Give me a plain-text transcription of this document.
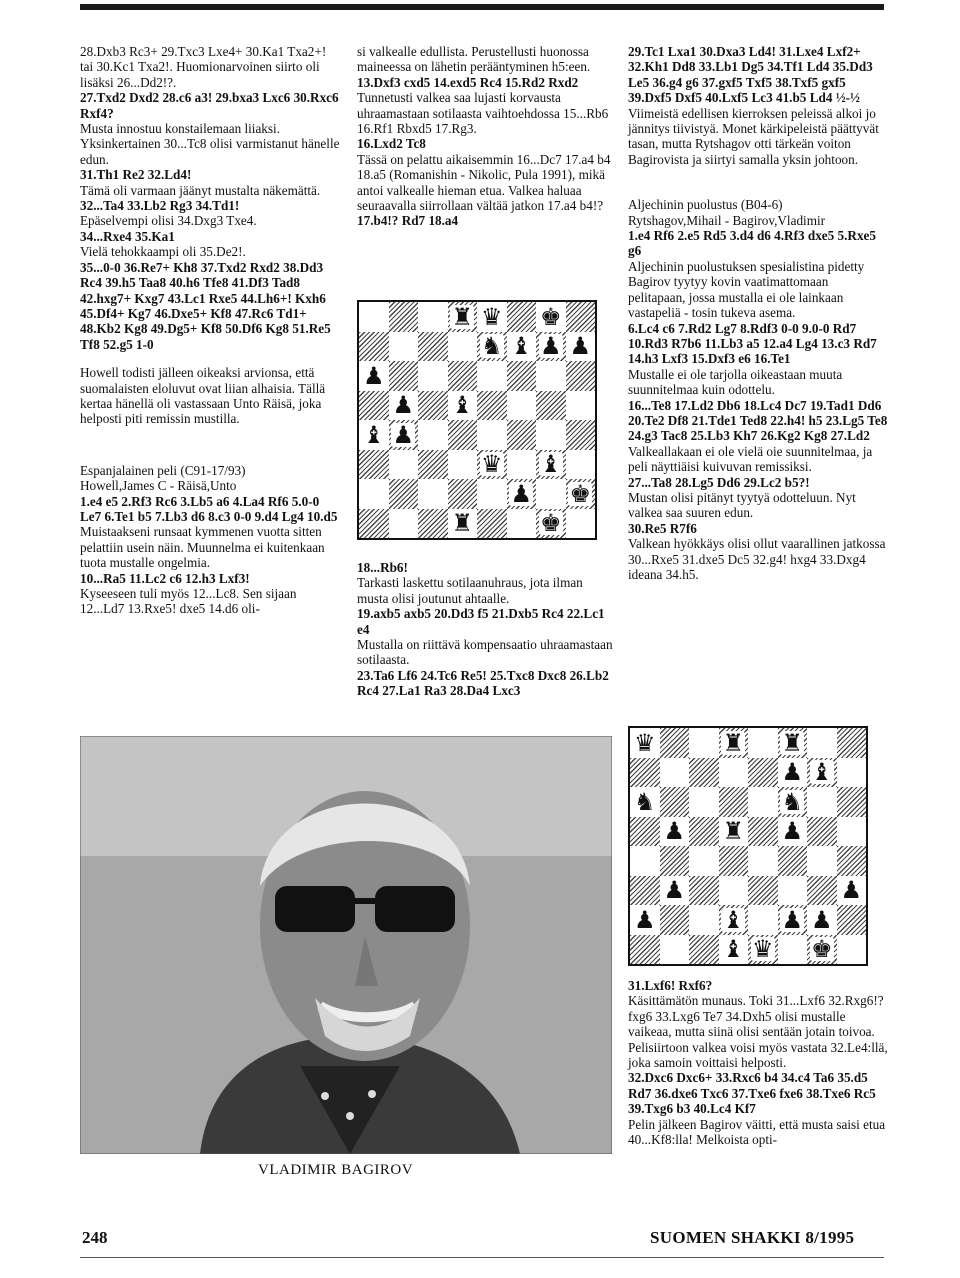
28.Dxb3 Rc3+ 29.Txc3 Lxe4+ 30.Ka1 Txa2+! tai 30.Kc1 Txa2!. Huomionarvoinen siirto oli lisäksi 26...Dd2!?.

27.Txd2 Dxd2 28.c6 a3! 29.bxa3 Lxc6 30.Rxc6 Rxf4?

Musta innostuu konstailemaan liiaksi. Yksinkertainen 30...Tc8 olisi varmistanut hänelle edun.

31.Th1 Re2 32.Ld4!

Tämä oli varmaan jäänyt mustalta näkemättä.

32...Ta4 33.Lb2 Rg3 34.Td1!

Epäselvempi olisi 34.Dxg3 Txe4.

34...Rxe4 35.Ka1

Vielä tehokkaampi oli 35.De2!.

35...0-0 36.Re7+ Kh8 37.Txd2 Rxd2 38.Dd3 Rc4 39.h5 Taa8 40.h6 Tfe8 41.Df3 Tad8 42.hxg7+ Kxg7 43.Lc1 Rxe5 44.Lh6+! Kxh6 45.Df4+ Kg7 46.Dxe5+ Kf8 47.Rc6 Td1+ 48.Kb2 Kg8 49.Dg5+ Kf8 50.Df6 Kg8 51.Re5 Tf8 52.g5 1-0

Howell todisti jälleen oikeaksi arvionsa, että suomalaisten eloluvut ovat liian alhaisia. Tällä kertaa hänellä oli vastassaan Unto Räisä, joka helposti piti remissin mustilla.

Espanjalainen peli (C91-17/93)

Howell,James C - Räisä,Unto

1.e4 e5 2.Rf3 Rc6 3.Lb5 a6 4.La4 Rf6 5.0-0 Le7 6.Te1 b5 7.Lb3 d6 8.c3 0-0 9.d4 Lg4 10.d5

Muistaakseni runsaat kymmenen vuotta sitten pelattiin usein näin. Muunnelma ei kuitenkaan tuota mustalle ongelmia.

10...Ra5 11.Lc2 c6 12.h3 Lxf3!

Kyseeseen tuli myös 12...Lc8. Sen sijaan 12...Ld7 13.Rxe5! dxe5 14.d6 oli-

si valkealle edullista. Perustellusti huonossa maineessa on lähetin perääntyminen h5:een.

13.Dxf3 cxd5 14.exd5 Rc4 15.Rd2 Rxd2

Tunnetusti valkea saa lujasti korvausta uhraamastaan sotilaasta vaihtoehdossa 15...Rb6 16.Rf1 Rbxd5 17.Rg3.

16.Lxd2 Tc8

Tässä on pelattu aikaisemmin 16...Dc7 17.a4 b4 18.a5 (Romanishin - Nikolic, Pula 1991), mikä antoi valkealle hieman etua. Valkea haluaa seuraavalla siirrollaan vältää jatkon 17.a4 b4!?

17.b4!? Rd7 18.a4

♜ ♛ ♚
♞ ♝ ♟ ♟
♟
♟ ♝
♝ ♟
♛ ♝
♟ ♚
♜	♚

18...Rb6!

Tarkasti laskettu sotilaanuhraus, jota ilman musta olisi joutunut ahtaalle.

19.axb5 axb5 20.Dd3 f5 21.Dxb5 Rc4 22.Lc1 e4

Mustalla on riittävä kompensaatio uhraamastaan sotilaasta.

23.Ta6 Lf6 24.Tc6 Re5! 25.Txc8 Dxc8 26.Lb2 Rc4 27.La1 Ra3 28.Da4 Lxc3

29.Tc1 Lxa1 30.Dxa3 Ld4! 31.Lxe4 Lxf2+ 32.Kh1 Dd8 33.Lb1 Dg5 34.Tf1 Ld4 35.Dd3 Le5 36.g4 g6 37.gxf5 Txf5 38.Txf5 gxf5 39.Dxf5 Dxf5 40.Lxf5 Lc3 41.b5 Ld4 ½-½

Viimeistä edellisen kierroksen peleissä alkoi jo jännitys tiivistyä. Monet kärkipeleistä päättyvät tasan, mutta Rytshagov otti tärkeän voiton Bagirovista ja siirtyi samalla yksin johtoon.

Aljechinin puolustus (B04-6)

Rytshagov,Mihail - Bagirov,Vladimir

1.e4 Rf6 2.e5 Rd5 3.d4 d6 4.Rf3 dxe5 5.Rxe5 g6

Aljechinin puolustuksen spesialistina pidetty Bagirov tyytyy kovin vaatimattomaan pelitapaan, jossa mustalla ei ole lainkaan vastapeliä - tosin tukeva asema.

6.Lc4 c6 7.Rd2 Lg7 8.Rdf3 0-0 9.0-0 Rd7 10.Rd3 R7b6 11.Lb3 a5 12.a4 Lg4 13.c3 Rd7 14.h3 Lxf3 15.Dxf3 e6 16.Te1

Mustalle ei ole tarjolla oikeastaan muuta suunnitelmaa kuin odottelu.

16...Te8 17.Ld2 Db6 18.Lc4 Dc7 19.Tad1 Dd6 20.Te2 Df8 21.Tde1 Ted8 22.h4! h5 23.Lg5 Te8 24.g3 Tac8 25.Lb3 Kh7 26.Kg2 Kg8 27.Ld2

Valkeallakaan ei ole vielä oie suunnitelmaa, ja peli näyttiäisi kuivuvan remissiksi.

27...Ta8 28.Lg5 Dd6 29.Lc2 b5?!

Mustan olisi pitänyt tyytyä odotteluun. Nyt valkea saa suuren edun.

30.Re5 R7f6

Valkean hyökkäys olisi ollut vaarallinen jatkossa 30...Rxe5 31.dxe5 Dc5 32.g4! hxg4 33.Dxg4 ideana 34.h5.

♛	♜ ♜
♟ ♝
♞	♞
♟ ♜ ♟
♟	♟
♟	♝ ♟ ♟
♝ ♛ ♚

31.Lxf6! Rxf6?

Käsittämätön munaus. Toki 31...Lxf6 32.Rxg6!? fxg6 33.Lxg6 Te7 34.Dxh5 olisi mustalle vaikeaa, mutta siinä olisi sentään jotain toivoa. Pelisiirtoon valkea voisi myös vastata 32.Le4:llä, joka samoin voittaisi helposti.

32.Dxc6 Dxc6+ 33.Rxc6 b4 34.c4 Ta6 35.d5 Rd7 36.dxe6 Txc6 37.Txe6 fxe6 38.Txe6 Rc5 39.Txg6 b3 40.Lc4 Kf7

Pelin jälkeen Bagirov väitti, että musta saisi etua 40...Kf8:lla! Melkoista opti-

VLADIMIR BAGIROV
248	SUOMEN SHAKKI 8/1995
